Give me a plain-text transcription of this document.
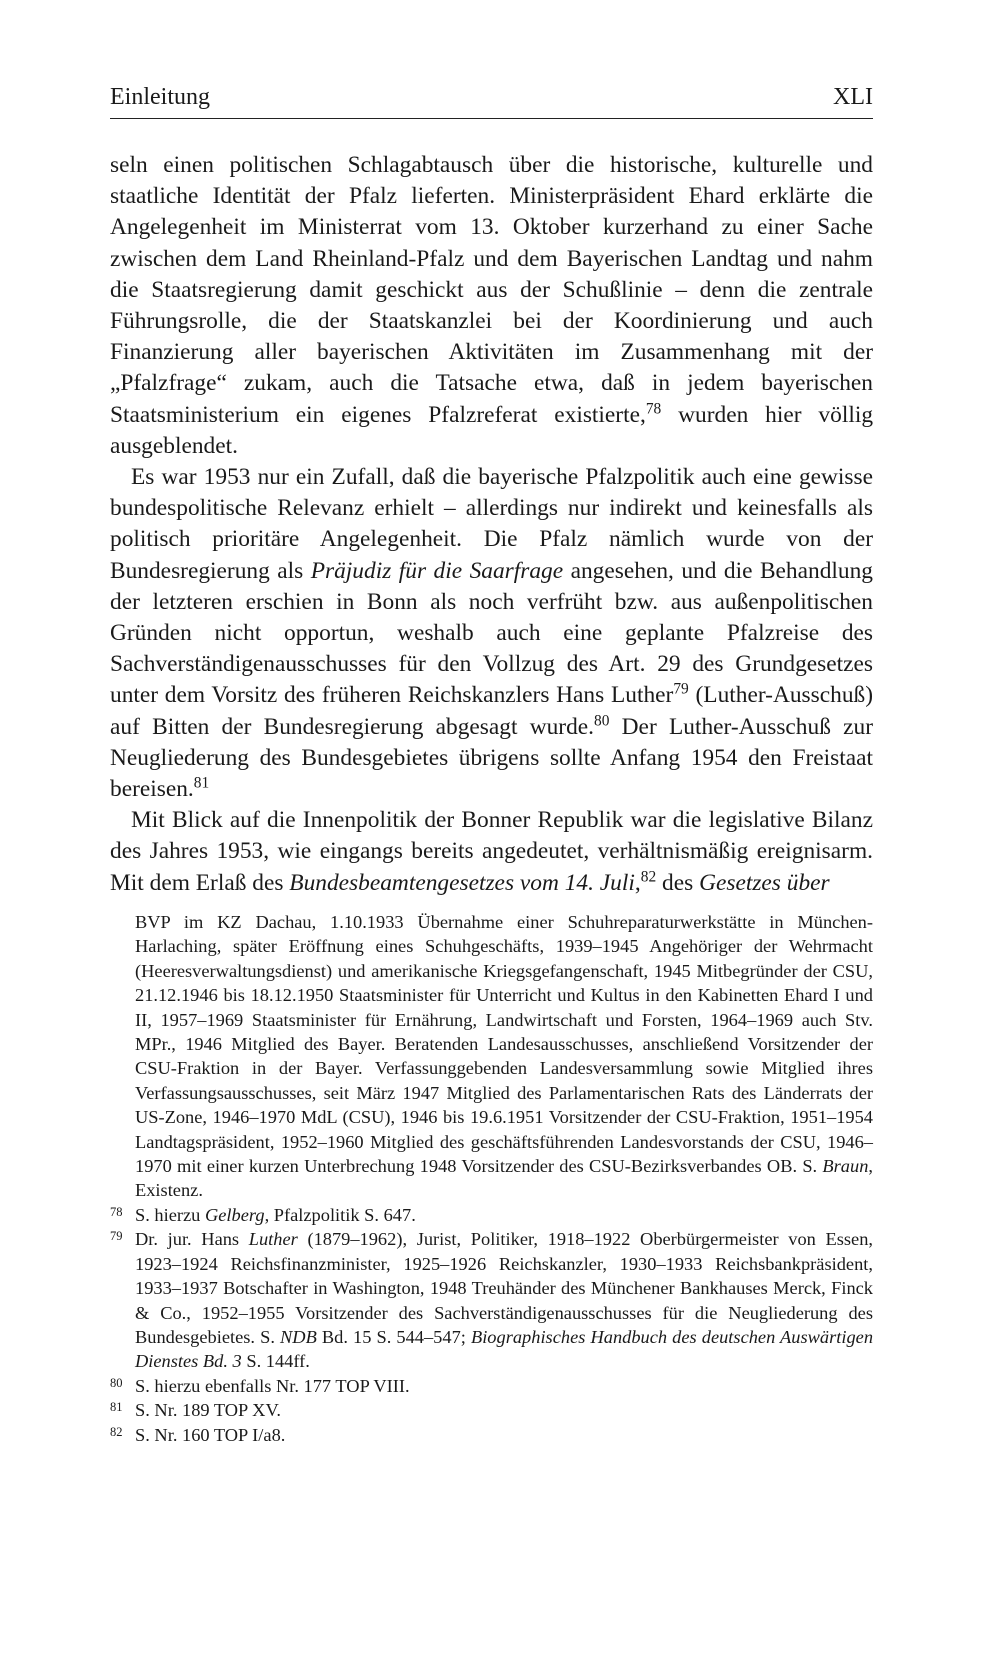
Einleitung	XLI

seln einen politischen Schlagabtausch über die historische, kulturelle und staatliche Identität der Pfalz lieferten. Ministerpräsident Ehard erklärte die Angelegenheit im Ministerrat vom 13. Oktober kurzerhand zu einer Sache zwischen dem Land Rheinland-Pfalz und dem Bayerischen Landtag und nahm die Staatsregierung damit geschickt aus der Schußlinie – denn die zentrale Führungsrolle, die der Staatskanzlei bei der Koordinierung und auch Finanzierung aller bayerischen Aktivitäten im Zusammenhang mit der „Pfalzfrage“ zukam, auch die Tatsache etwa, daß in jedem bayerischen Staatsministerium ein eigenes Pfalzreferat existierte,$^{78}$ wurden hier völlig ausgeblendet.

Es war 1953 nur ein Zufall, daß die bayerische Pfalzpolitik auch eine gewisse bundespolitische Relevanz erhielt – allerdings nur indirekt und keinesfalls als politisch prioritäre Angelegenheit. Die Pfalz nämlich wurde von der Bundesregierung als Präjudiz für die Saarfrage angesehen, und die Behandlung der letzteren erschien in Bonn als noch verfrüht bzw. aus außenpolitischen Gründen nicht opportun, weshalb auch eine geplante Pfalzreise des Sachverständigenausschusses für den Vollzug des Art. 29 des Grundgesetzes unter dem Vorsitz des früheren Reichskanzlers Hans Luther$^{79}$ (Luther-Ausschuß) auf Bitten der Bundesregierung abgesagt wurde.$^{80}$ Der Luther-Ausschuß zur Neugliederung des Bundesgebietes übrigens sollte Anfang 1954 den Freistaat bereisen.$^{81}$

Mit Blick auf die Innenpolitik der Bonner Republik war die legislative Bilanz des Jahres 1953, wie eingangs bereits angedeutet, verhältnismäßig ereignisarm. Mit dem Erlaß des Bundesbeamtengesetzes vom 14. Juli,$^{82}$ des Gesetzes über

BVP im KZ Dachau, 1.10.1933 Übernahme einer Schuhreparaturwerkstätte in München-Harlaching, später Eröffnung eines Schuhgeschäfts, 1939–1945 Angehöriger der Wehrmacht (Heeresverwaltungsdienst) und amerikanische Kriegsgefangenschaft, 1945 Mitbegründer der CSU, 21.12.1946 bis 18.12.1950 Staatsminister für Unterricht und Kultus in den Kabinetten Ehard I und II, 1957–1969 Staatsminister für Ernährung, Landwirtschaft und Forsten, 1964–1969 auch Stv. MPr., 1946 Mitglied des Bayer. Beratenden Landesausschusses, anschließend Vorsitzender der CSU-Fraktion in der Bayer. Verfassunggebenden Landesversammlung sowie Mitglied ihres Verfassungsausschusses, seit März 1947 Mitglied des Parlamentarischen Rats des Länderrats der US-Zone, 1946–1970 MdL (CSU), 1946 bis 19.6.1951 Vorsitzender der CSU-Fraktion, 1951–1954 Landtagspräsident, 1952–1960 Mitglied des geschäftsführenden Landesvorstands der CSU, 1946–1970 mit einer kurzen Unterbrechung 1948 Vorsitzender des CSU-Bezirksverbandes OB. S. Braun, Existenz.

78 S. hierzu Gelberg, Pfalzpolitik S. 647.

79 Dr. jur. Hans Luther (1879–1962), Jurist, Politiker, 1918–1922 Oberbürgermeister von Essen, 1923–1924 Reichsfinanzminister, 1925–1926 Reichskanzler, 1930–1933 Reichsbankpräsident, 1933–1937 Botschafter in Washington, 1948 Treuhänder des Münchener Bankhauses Merck, Finck & Co., 1952–1955 Vorsitzender des Sachverständigenausschusses für die Neugliederung des Bundesgebietes. S. NDB Bd. 15 S. 544–547; Biographisches Handbuch des deutschen Auswärtigen Dienstes Bd. 3 S. 144ff.

80 S. hierzu ebenfalls Nr. 177 TOP VIII.

81 S. Nr. 189 TOP XV.

82 S. Nr. 160 TOP I/a8.
